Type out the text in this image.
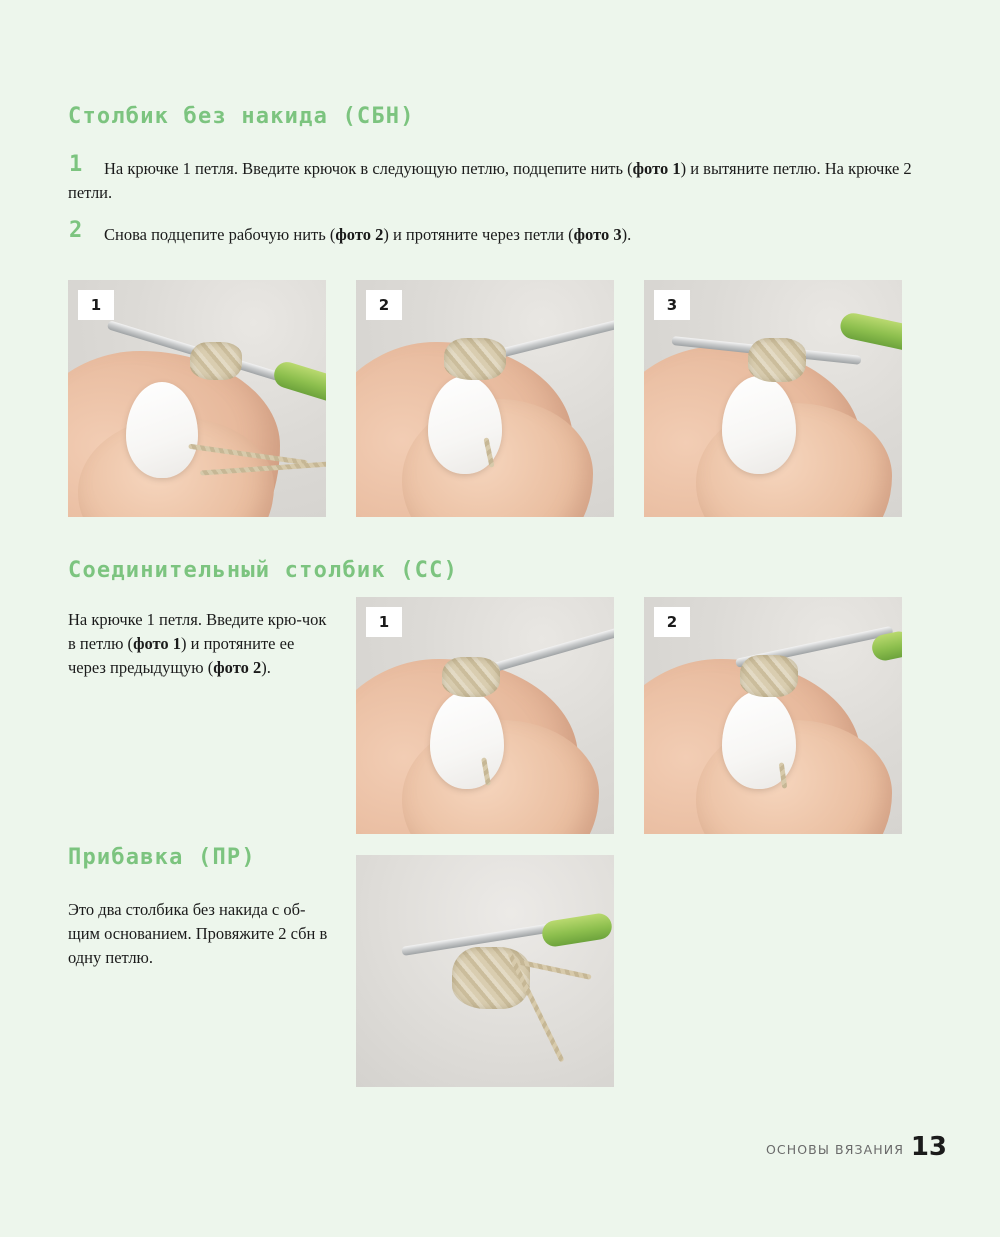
Столбик без накида (СБН)
1	На крючке 1 петля. Введите крючок в следующую петлю, подцепите нить (фото 1) и вытяните петлю. На крючке 2 петли.
2	Снова подцепите рабочую нить (фото 2) и протяните через петли (фото 3).
1	2	3
Соединительный столбик (СС)
На крючке 1 петля. Введите крю-чок в петлю (фото 1) и протяните ее через предыдущую (фото 2).
1	2
Прибавка (ПР)
Это два столбика без накида с об-щим основанием. Провяжите 2 сбн в одну петлю.
ОСНОВЫ ВЯЗАНИЯ 13
